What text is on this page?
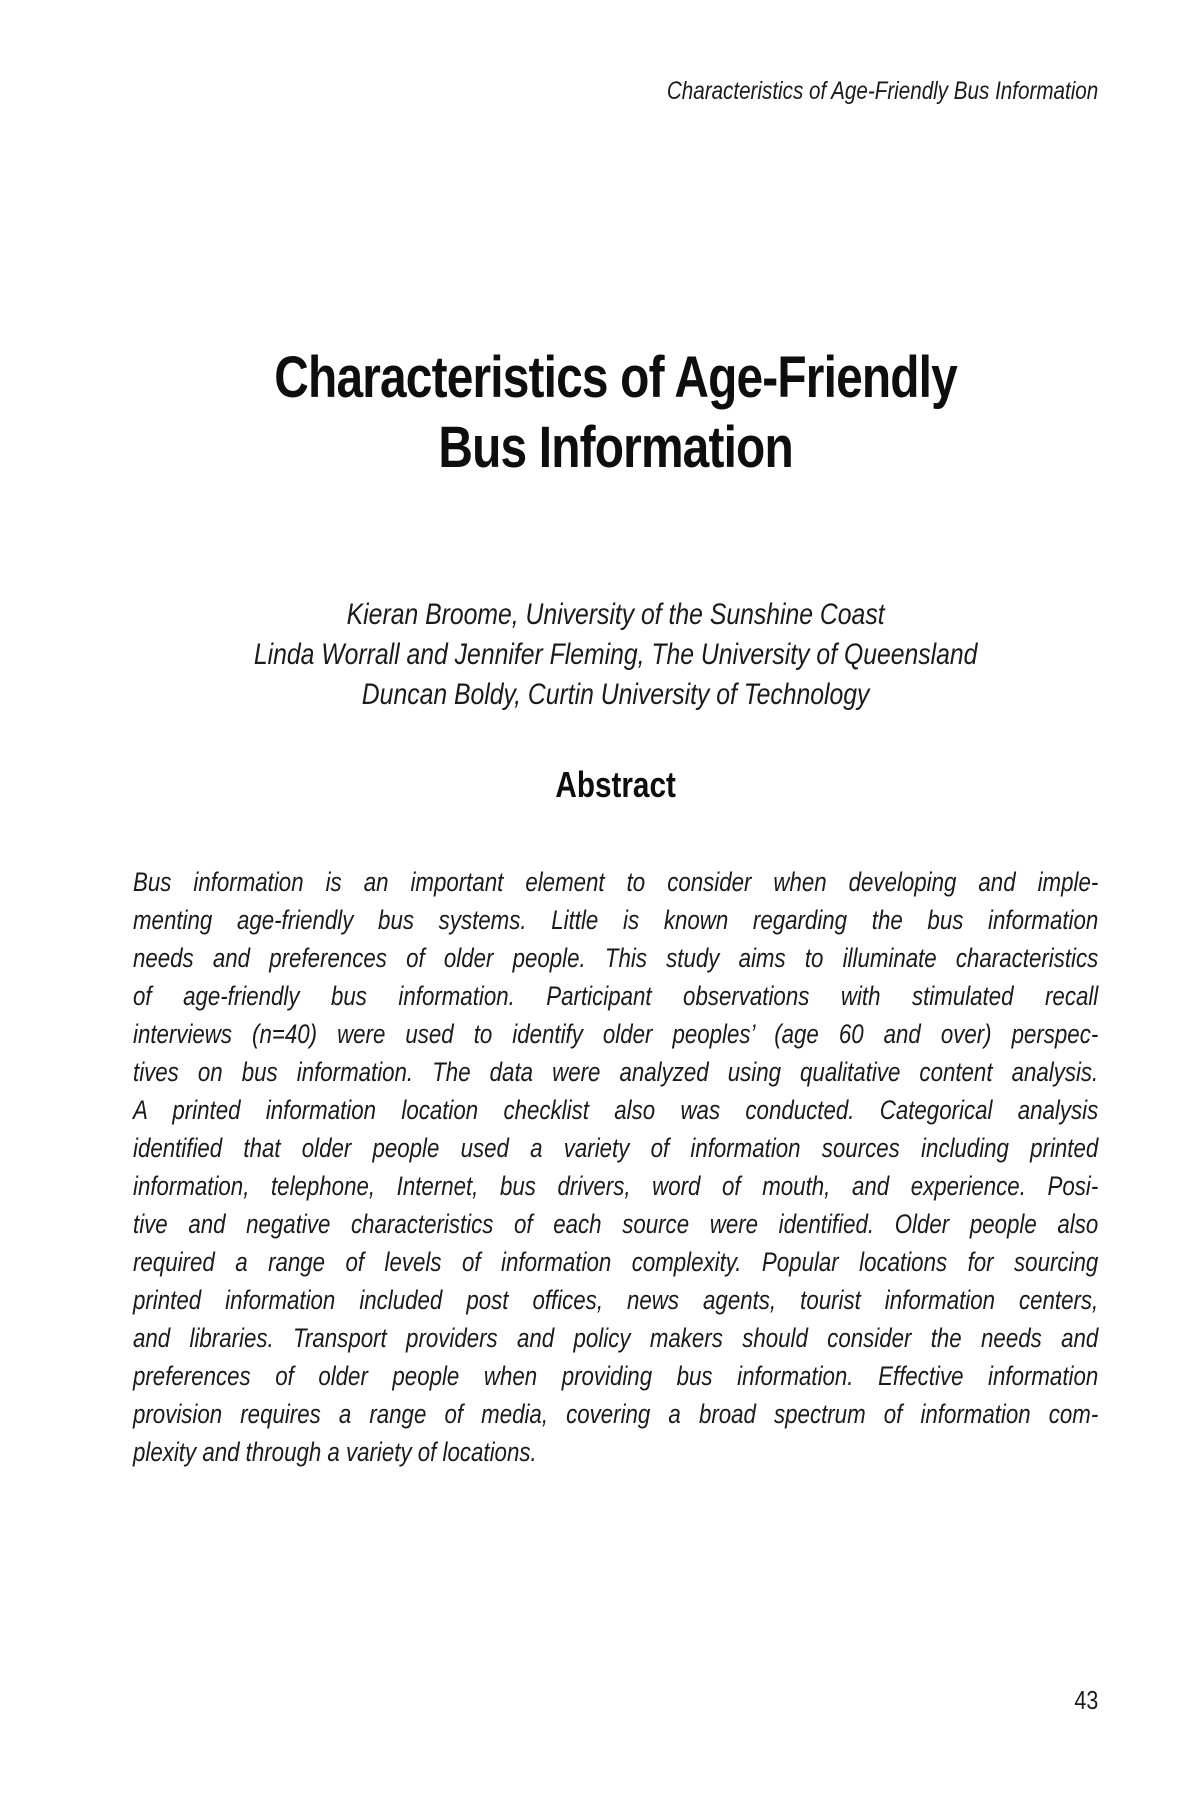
Characteristics of Age-Friendly Bus Information
Characteristics of Age-Friendly
Bus Information
Kieran Broome, University of the Sunshine Coast
Linda Worrall and Jennifer Fleming, The University of Queensland
Duncan Boldy, Curtin University of Technology
Abstract
Bus information is an important element to consider when developing and imple-
menting age-friendly bus systems. Little is known regarding the bus information
needs and preferences of older people. This study aims to illuminate characteristics
of age-friendly bus information. Participant observations with stimulated recall
interviews (n=40) were used to identify older peoples’ (age 60 and over) perspec-
tives on bus information. The data were analyzed using qualitative content analysis.
A printed information location checklist also was conducted. Categorical analysis
identified that older people used a variety of information sources including printed
information, telephone, Internet, bus drivers, word of mouth, and experience. Posi-
tive and negative characteristics of each source were identified. Older people also
required a range of levels of information complexity. Popular locations for sourcing
printed information included post offices, news agents, tourist information centers,
and libraries. Transport providers and policy makers should consider the needs and
preferences of older people when providing bus information. Effective information
provision requires a range of media, covering a broad spectrum of information com-
plexity and through a variety of locations.
43
